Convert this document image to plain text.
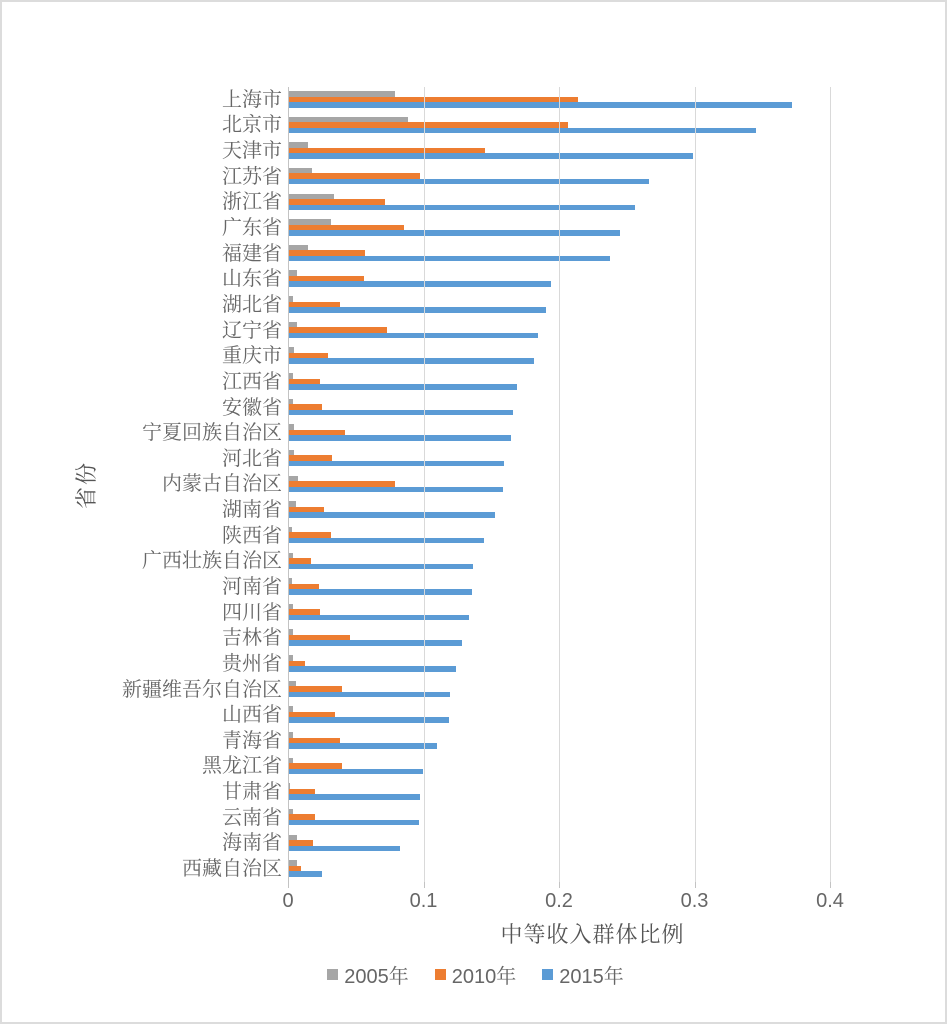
上海市
北京市
天津市
江苏省
浙江省
广东省
福建省
山东省
湖北省
辽宁省
重庆市
江西省
安徽省
宁夏回族自治区
河北省
内蒙古自治区
湖南省
陕西省
广西壮族自治区
河南省
四川省
吉林省
贵州省
新疆维吾尔自治区
山西省
青海省
黑龙江省
甘肃省
云南省
海南省
西藏自治区
中等收入群体比例
省份
2005年 2010年 2015年
0	0.1	0.2	0.3	0.4
